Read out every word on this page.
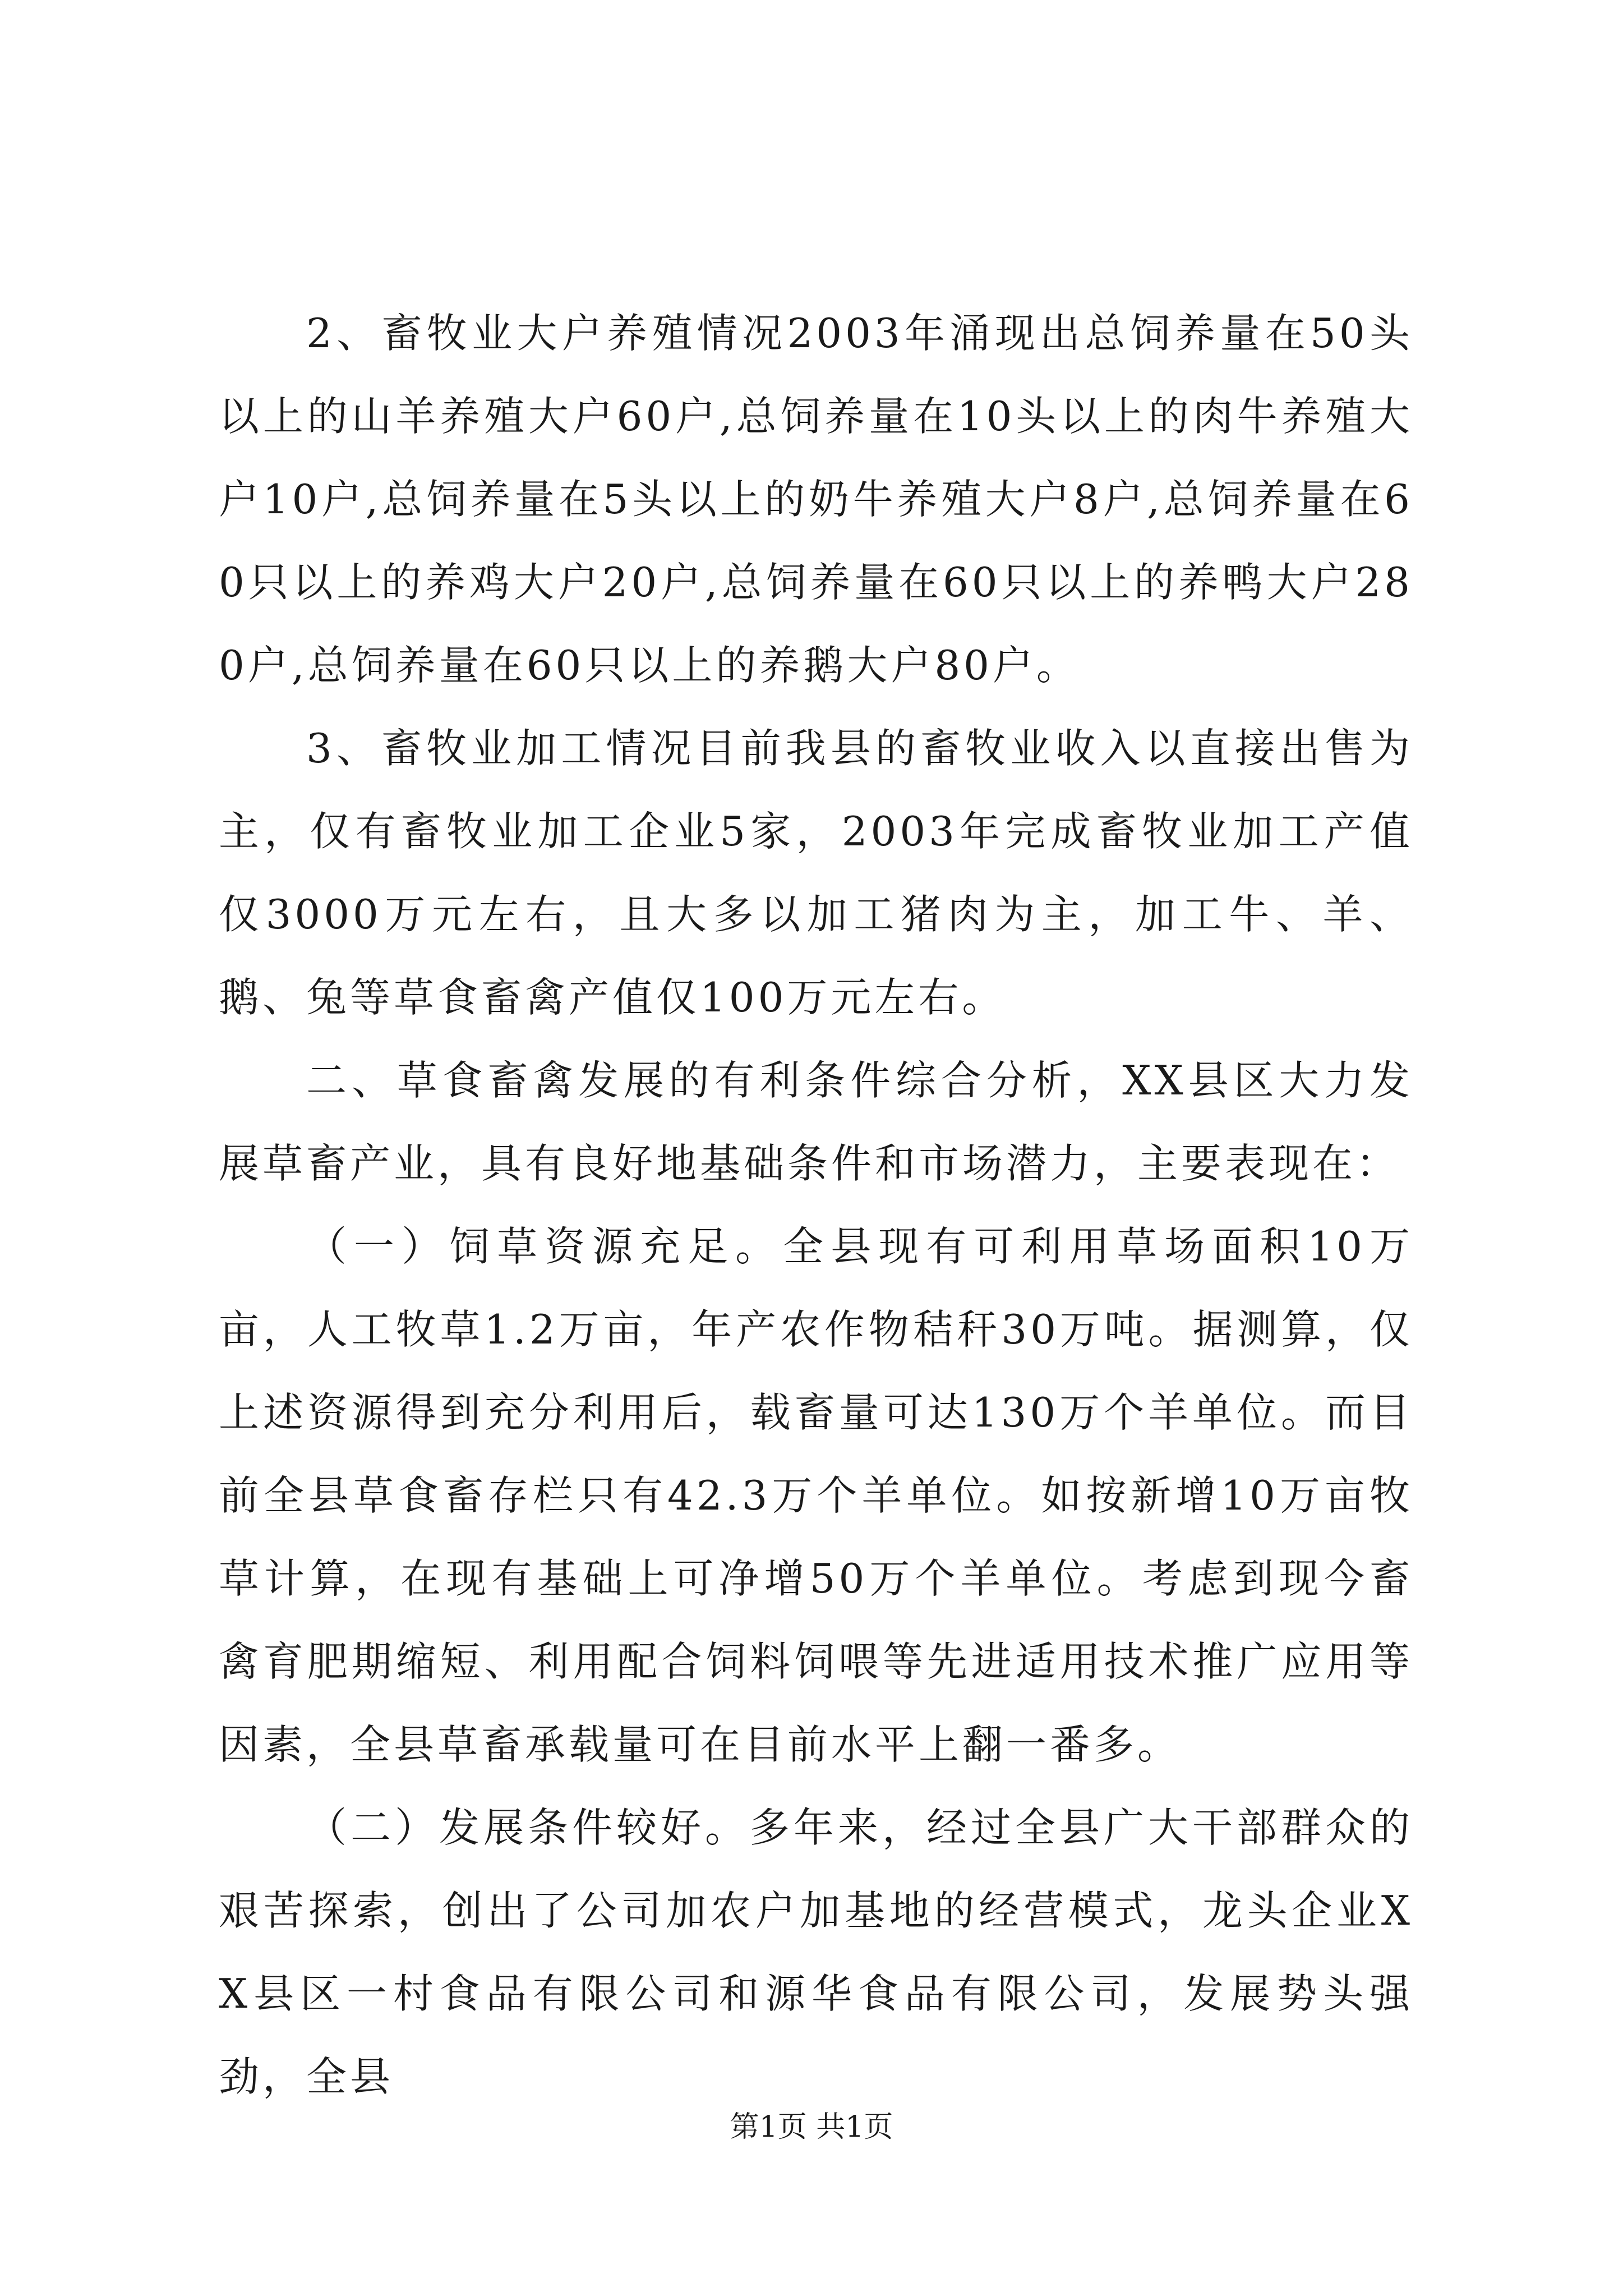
2、畜牧业大户养殖情况2003年涌现出总饲养量在50头以上的山羊养殖大户60户,总饲养量在10头以上的肉牛养殖大户10户,总饲养量在5头以上的奶牛养殖大户8户,总饲养量在60只以上的养鸡大户20户,总饲养量在60只以上的养鸭大户280户,总饲养量在60只以上的养鹅大户80户。

3、畜牧业加工情况目前我县的畜牧业收入以直接出售为主，仅有畜牧业加工企业5家，2003年完成畜牧业加工产值仅3000万元左右，且大多以加工猪肉为主，加工牛、羊、鹅、兔等草食畜禽产值仅100万元左右。

二、草食畜禽发展的有利条件综合分析，XX县区大力发展草畜产业，具有良好地基础条件和市场潜力，主要表现在：

（一）饲草资源充足。全县现有可利用草场面积10万亩，人工牧草1.2万亩，年产农作物秸秆30万吨。据测算，仅上述资源得到充分利用后，载畜量可达130万个羊单位。而目前全县草食畜存栏只有42.3万个羊单位。如按新增10万亩牧草计算，在现有基础上可净增50万个羊单位。考虑到现今畜禽育肥期缩短、利用配合饲料饲喂等先进适用技术推广应用等因素，全县草畜承载量可在目前水平上翻一番多。

（二）发展条件较好。多年来，经过全县广大干部群众的艰苦探索，创出了公司加农户加基地的经营模式，龙头企业XX县区一村食品有限公司和源华食品有限公司，发展势头强劲，全县

第1页 共1页
